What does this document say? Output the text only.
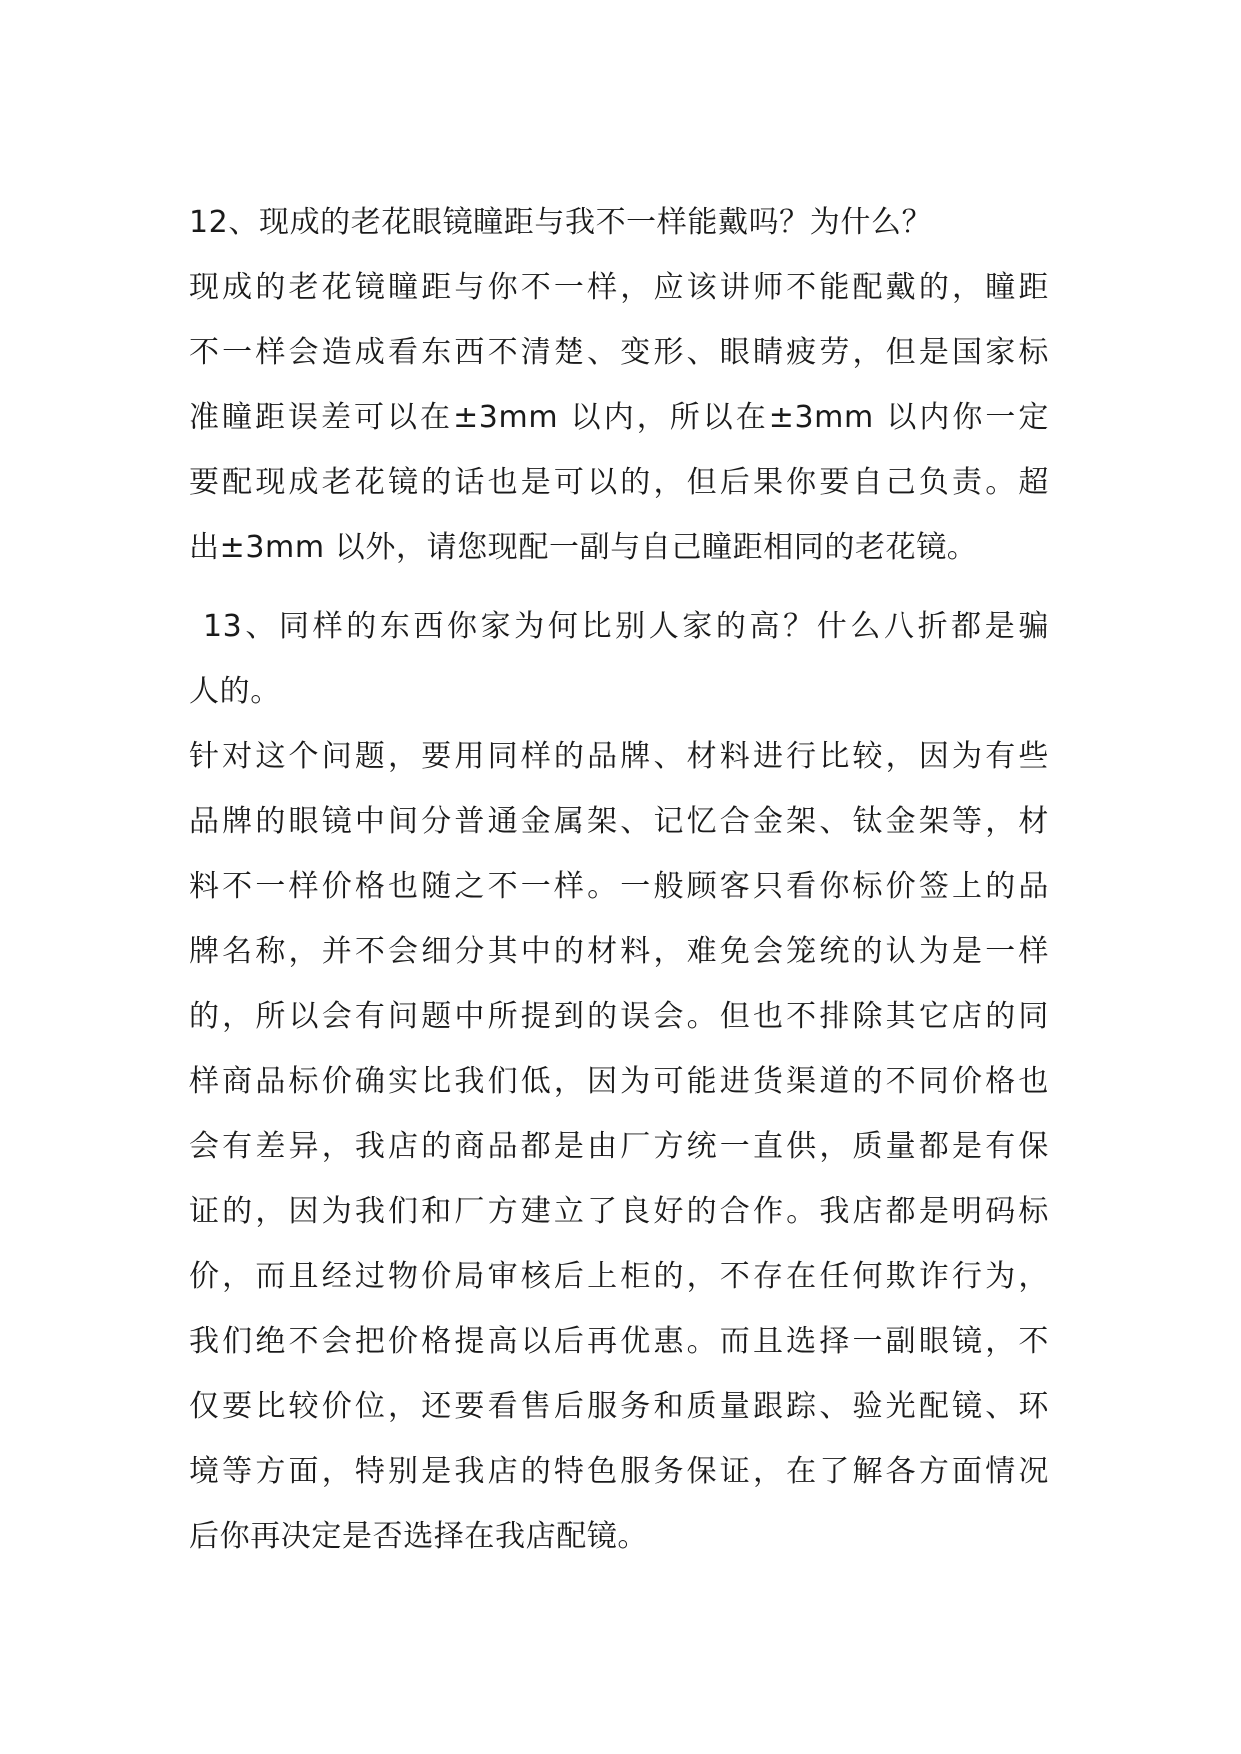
12、现成的老花眼镜瞳距与我不一样能戴吗？为什么？
现成的老花镜瞳距与你不一样，应该讲师不能配戴的，瞳距
不一样会造成看东西不清楚、变形、眼睛疲劳，但是国家标
准瞳距误差可以在±3mm 以内，所以在±3mm 以内你一定
要配现成老花镜的话也是可以的，但后果你要自己负责。超
出±3mm 以外，请您现配一副与自己瞳距相同的老花镜。
13、同样的东西你家为何比别人家的高？什么八折都是骗
人的。
针对这个问题，要用同样的品牌、材料进行比较，因为有些
品牌的眼镜中间分普通金属架、记忆合金架、钛金架等，材
料不一样价格也随之不一样。一般顾客只看你标价签上的品
牌名称，并不会细分其中的材料，难免会笼统的认为是一样
的，所以会有问题中所提到的误会。但也不排除其它店的同
样商品标价确实比我们低，因为可能进货渠道的不同价格也
会有差异，我店的商品都是由厂方统一直供，质量都是有保
证的，因为我们和厂方建立了良好的合作。我店都是明码标
价，而且经过物价局审核后上柜的，不存在任何欺诈行为，
我们绝不会把价格提高以后再优惠。而且选择一副眼镜，不
仅要比较价位，还要看售后服务和质量跟踪、验光配镜、环
境等方面，特别是我店的特色服务保证，在了解各方面情况
后你再决定是否选择在我店配镜。
